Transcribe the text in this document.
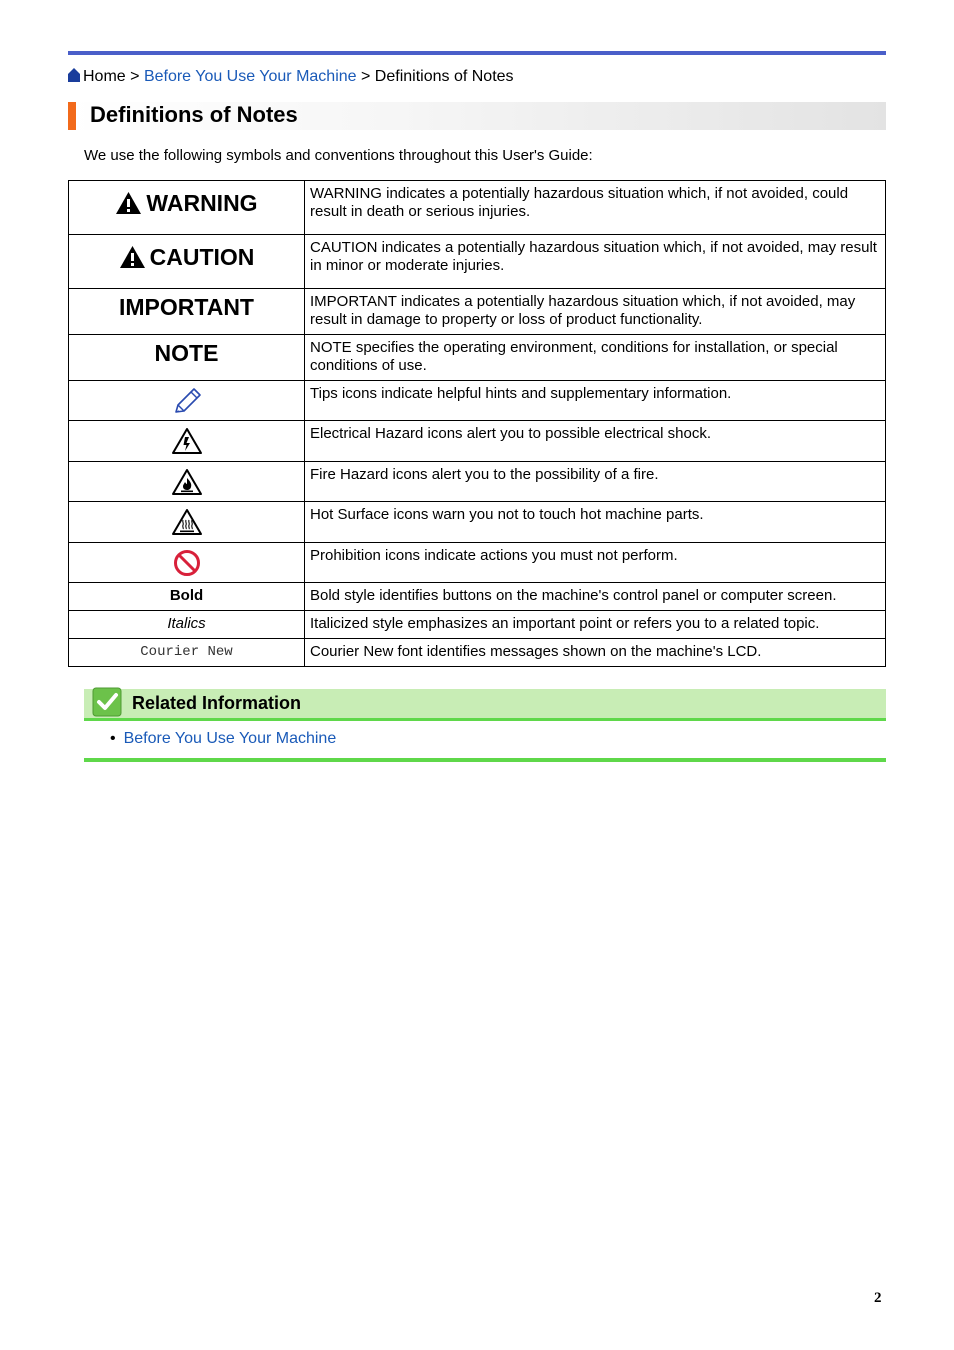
Home > Before You Use Your Machine > Definitions of Notes
Definitions of Notes
We use the following symbols and conventions throughout this User's Guide:
WARNING	WARNING indicates a potentially hazardous situation which, if not avoided, could result in death or serious injuries.

CAUTION	CAUTION indicates a potentially hazardous situation which, if not avoided, may result in minor or moderate injuries.

IMPORTANT	IMPORTANT indicates a potentially hazardous situation which, if not avoided, may result in damage to property or loss of product functionality.

NOTE	NOTE specifies the operating environment, conditions for installation, or special conditions of use.

	Tips icons indicate helpful hints and supplementary information.

	Electrical Hazard icons alert you to possible electrical shock.

	Fire Hazard icons alert you to the possibility of a fire.

	Hot Surface icons warn you not to touch hot machine parts.

	Prohibition icons indicate actions you must not perform.

Bold	Bold style identifies buttons on the machine's control panel or computer screen.

Italics	Italicized style emphasizes an important point or refers you to a related topic.

Courier New	Courier New font identifies messages shown on the machine's LCD.
Related Information
• Before You Use Your Machine
2
